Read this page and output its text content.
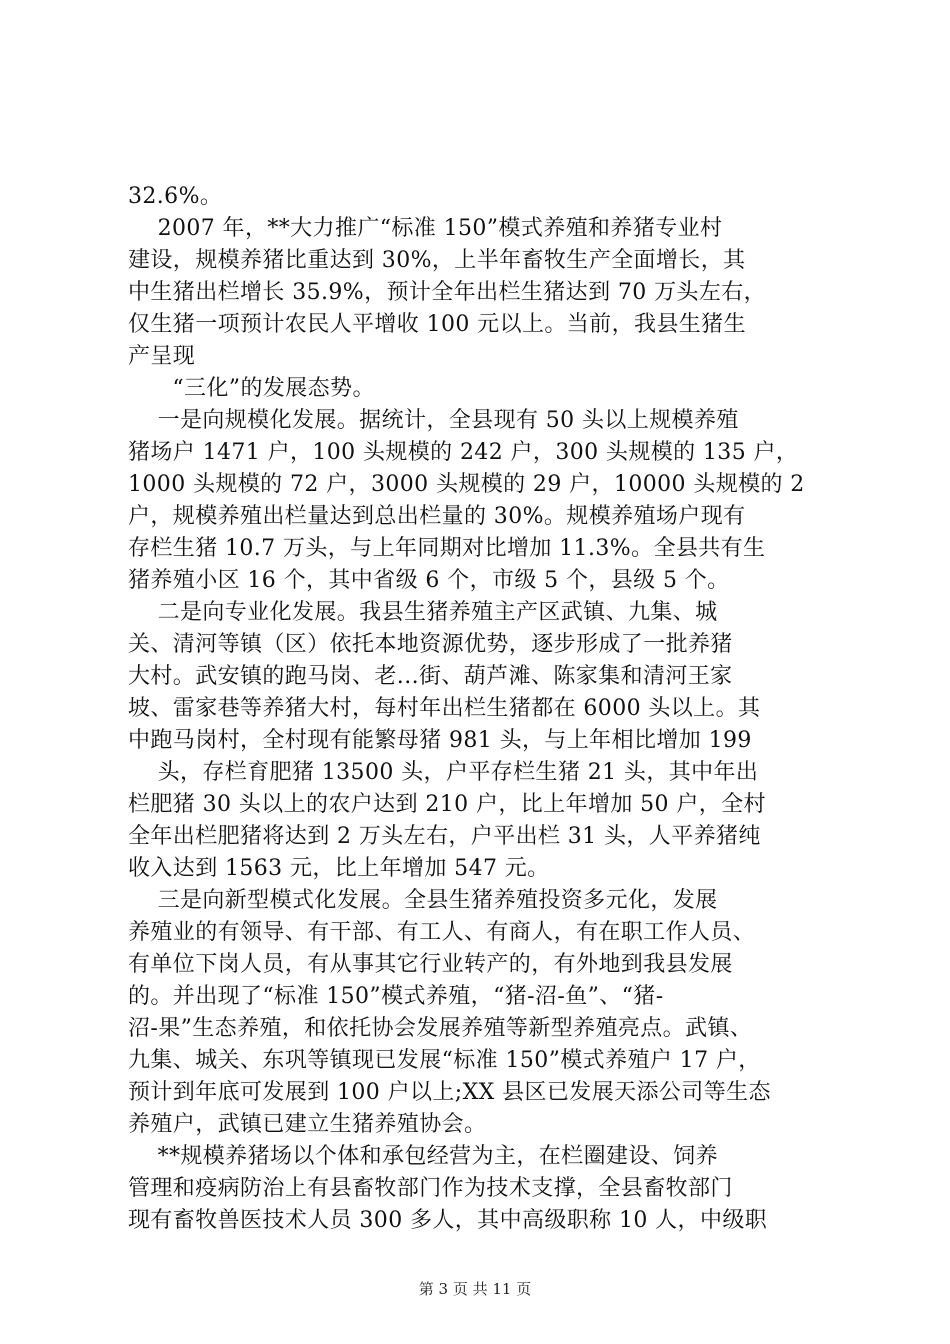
32.6%。
2007 年，**大力推广“标准 150”模式养殖和养猪专业村
建设，规模养猪比重达到 30%，上半年畜牧生产全面增长，其
中生猪出栏增长 35.9%，预计全年出栏生猪达到 70 万头左右，
仅生猪一项预计农民人平增收 100 元以上。当前，我县生猪生
产呈现
“三化”的发展态势。
一是向规模化发展。据统计，全县现有 50 头以上规模养殖
猪场户 1471 户，100 头规模的 242 户，300 头规模的 135 户，
1000 头规模的 72 户，3000 头规模的 29 户，10000 头规模的 2
户，规模养殖出栏量达到总出栏量的 30%。规模养殖场户现有
存栏生猪 10.7 万头，与上年同期对比增加 11.3%。全县共有生
猪养殖小区 16 个，其中省级 6 个，市级 5 个，县级 5 个。
二是向专业化发展。我县生猪养殖主产区武镇、九集、城
关、清河等镇（区）依托本地资源优势，逐步形成了一批养猪
大村。武安镇的跑马岗、老...街、葫芦滩、陈家集和清河王家
坡、雷家巷等养猪大村，每村年出栏生猪都在 6000 头以上。其
中跑马岗村，全村现有能繁母猪 981 头，与上年相比增加 199
头，存栏育肥猪 13500 头，户平存栏生猪 21 头，其中年出
栏肥猪 30 头以上的农户达到 210 户，比上年增加 50 户，全村
全年出栏肥猪将达到 2 万头左右，户平出栏 31 头，人平养猪纯
收入达到 1563 元，比上年增加 547 元。
三是向新型模式化发展。全县生猪养殖投资多元化，发展
养殖业的有领导、有干部、有工人、有商人，有在职工作人员、
有单位下岗人员，有从事其它行业转产的，有外地到我县发展
的。并出现了“标准 150”模式养殖，“猪-沼-鱼”、“猪-
沼-果”生态养殖，和依托协会发展养殖等新型养殖亮点。武镇、
九集、城关、东巩等镇现已发展“标准 150”模式养殖户 17 户，
预计到年底可发展到 100 户以上;XX 县区已发展天添公司等生态
养殖户，武镇已建立生猪养殖协会。
**规模养猪场以个体和承包经营为主，在栏圈建设、饲养
管理和疫病防治上有县畜牧部门作为技术支撑，全县畜牧部门
现有畜牧兽医技术人员 300 多人，其中高级职称 10 人，中级职
第 3 页 共 11 页
